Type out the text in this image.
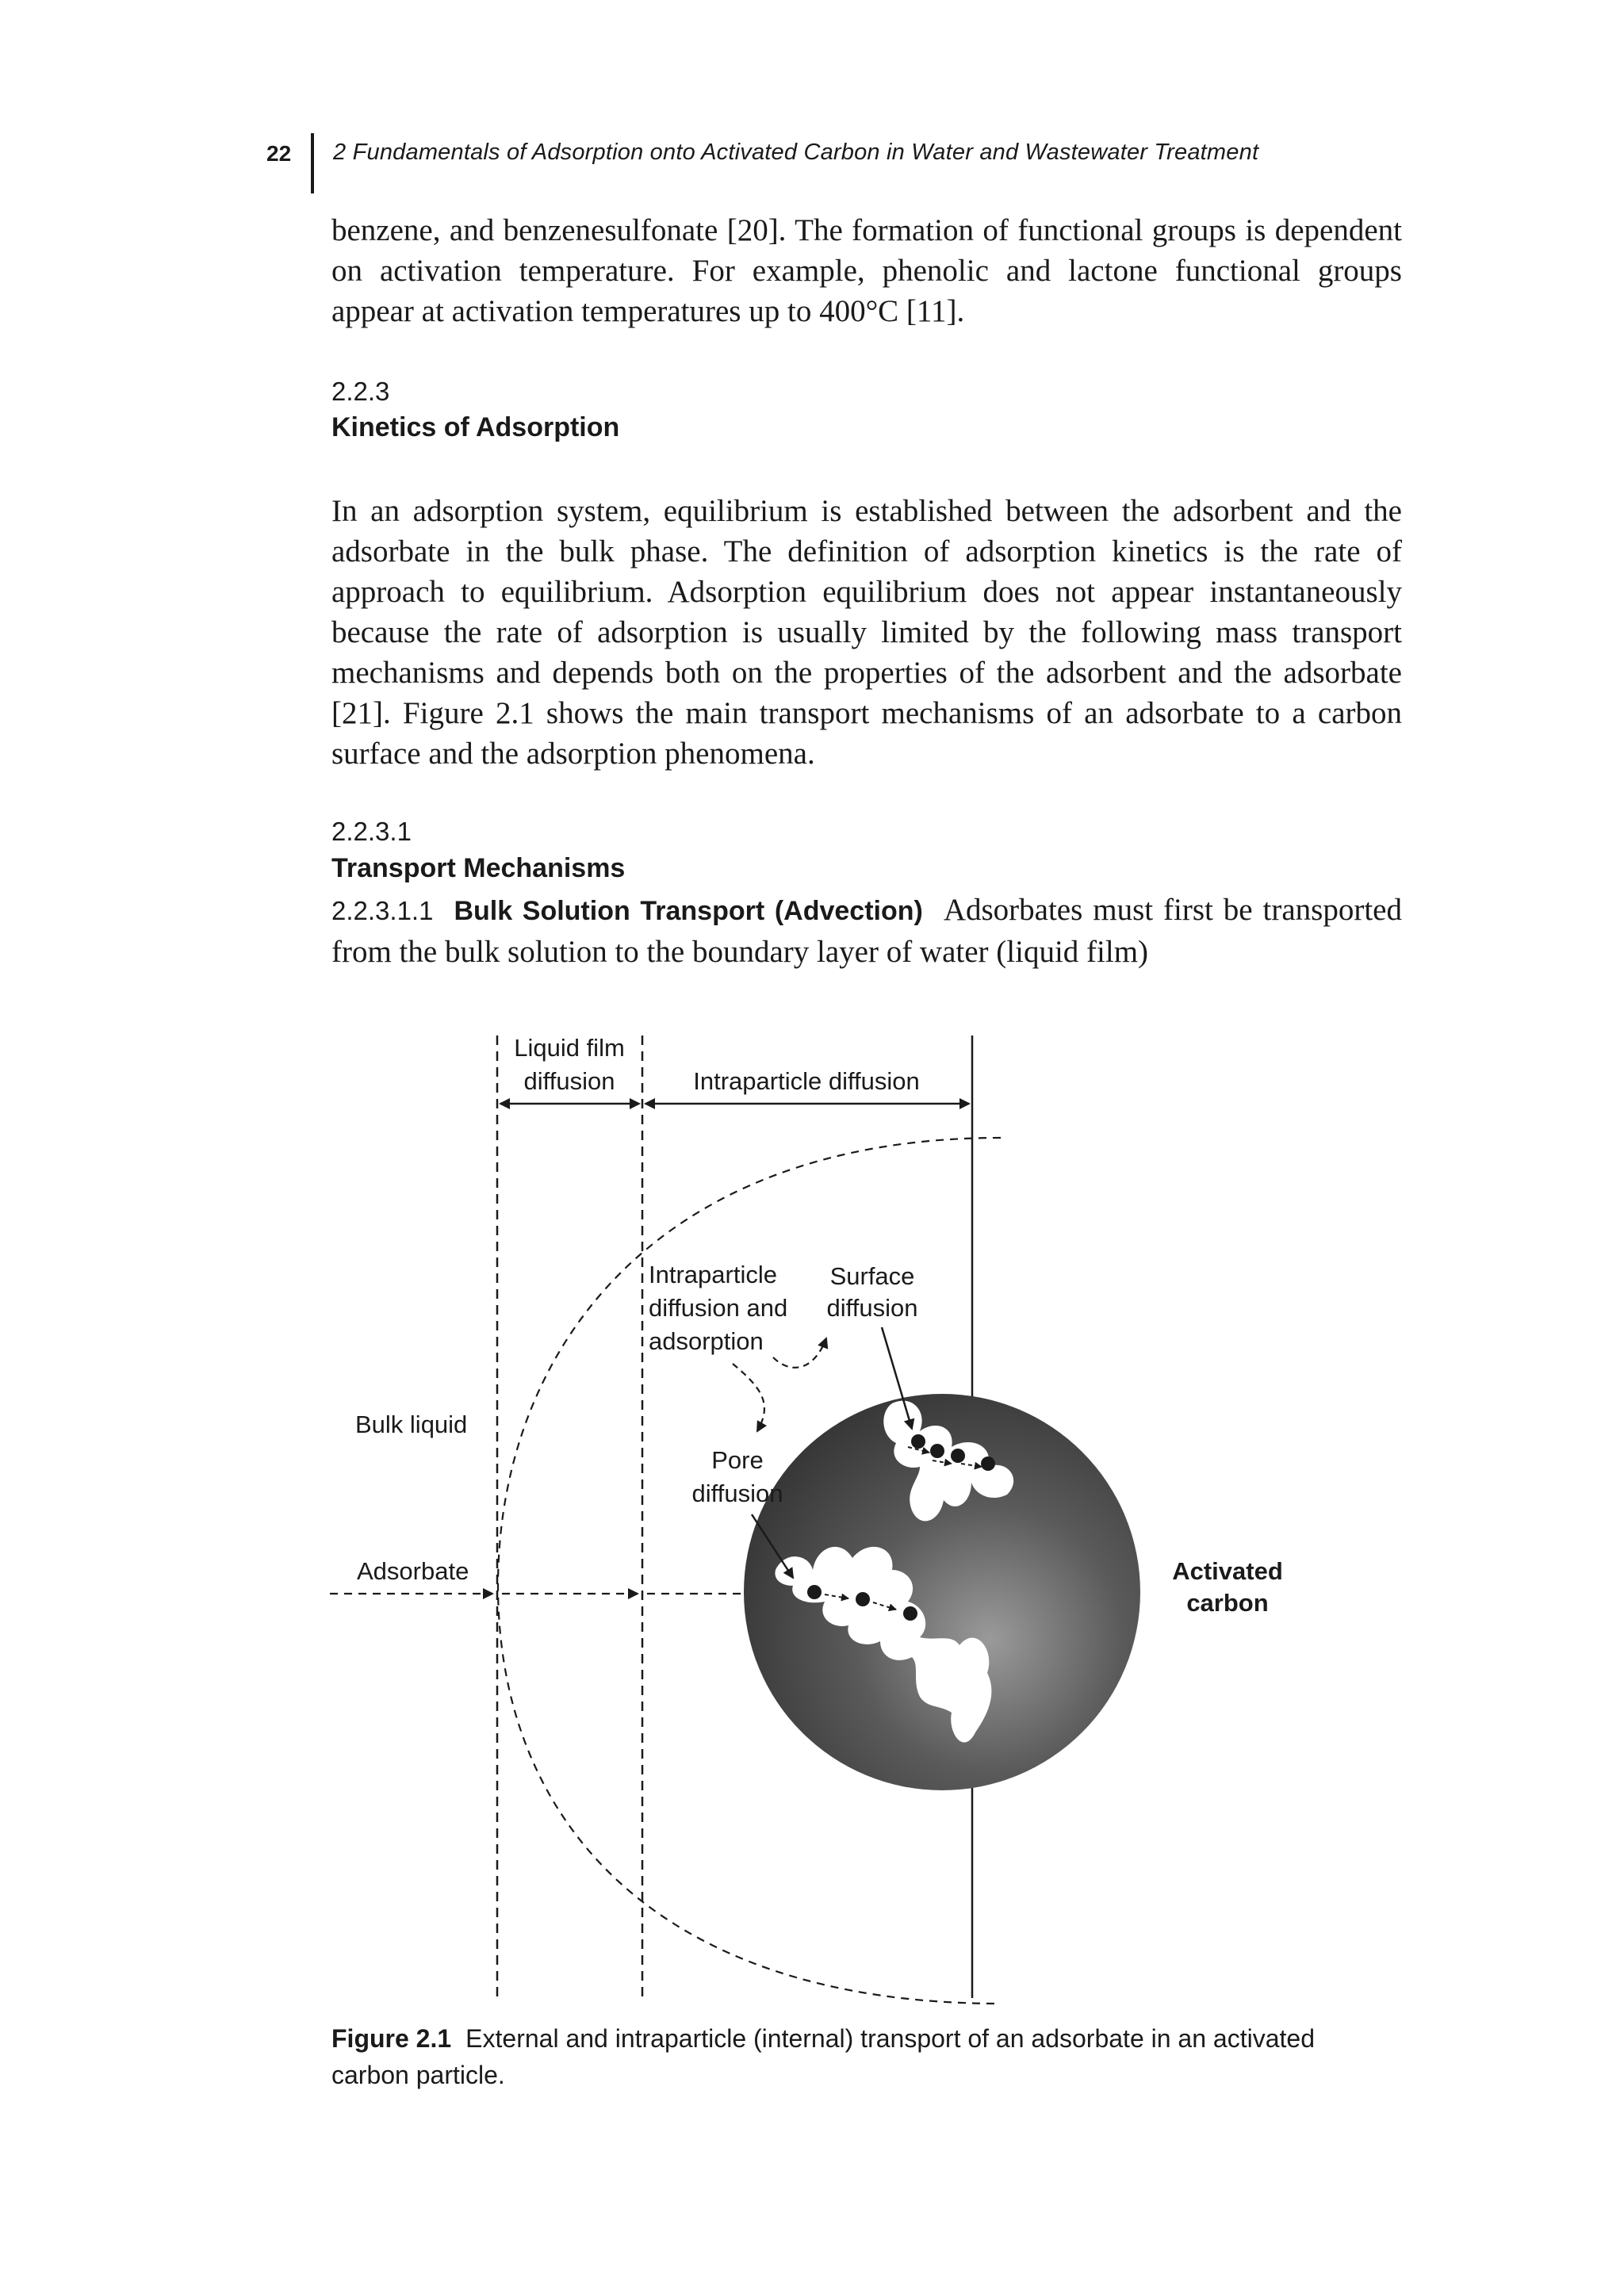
22 2 Fundamentals of Adsorption onto Activated Carbon in Water and Wastewater Treatment

benzene, and benzenesulfonate [20]. The formation of functional groups is dependent on activation temperature. For example, phenolic and lactone functional groups appear at activation temperatures up to 400°C [11].

2.2.3
Kinetics of Adsorption

In an adsorption system, equilibrium is established between the adsorbent and the adsorbate in the bulk phase. The definition of adsorption kinetics is the rate of approach to equilibrium. Adsorption equilibrium does not appear instantaneously because the rate of adsorption is usually limited by the following mass transport mechanisms and depends both on the properties of the adsorbent and the adsorbate [21]. Figure 2.1 shows the main transport mechanisms of an adsorbate to a carbon surface and the adsorption phenomena.

2.2.3.1
Transport Mechanisms

2.2.3.1.1 Bulk Solution Transport (Advection) Adsorbates must first be transported from the bulk solution to the boundary layer of water (liquid film)

Liquid film
diffusion	Intraparticle diffusion
Intraparticle
diffusion and
adsorption
Surface
diffusion
Bulk liquid
Pore
diffusion
Adsorbate	Activated
carbon
Figure 2.1 External and intraparticle (internal) transport of an adsorbate in an activated carbon particle.
